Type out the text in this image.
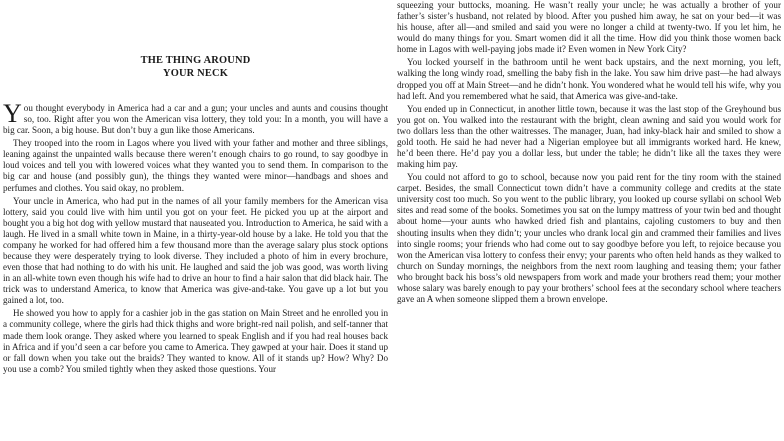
THE THING AROUND
YOUR NECK

You thought everybody in America had a car and a gun; your uncles and aunts and cousins thought so, too. Right after you won the American visa lottery, they told you: In a month, you will have a big car. Soon, a big house. But don’t buy a gun like those Americans.

They trooped into the room in Lagos where you lived with your father and mother and three siblings, leaning against the unpainted walls because there weren’t enough chairs to go round, to say goodbye in loud voices and tell you with lowered voices what they wanted you to send them. In comparison to the big car and house (and possibly gun), the things they wanted were minor—handbags and shoes and perfumes and clothes. You said okay, no problem.

Your uncle in America, who had put in the names of all your family members for the American visa lottery, said you could live with him until you got on your feet. He picked you up at the airport and bought you a big hot dog with yellow mustard that nauseated you. Introduction to America, he said with a laugh. He lived in a small white town in Maine, in a thirty-year-old house by a lake. He told you that the company he worked for had offered him a few thousand more than the average salary plus stock options because they were desperately trying to look diverse. They included a photo of him in every brochure, even those that had nothing to do with his unit. He laughed and said the job was good, was worth living in an all-white town even though his wife had to drive an hour to find a hair salon that did black hair. The trick was to understand America, to know that America was give-and-take. You gave up a lot but you gained a lot, too.

He showed you how to apply for a cashier job in the gas station on Main Street and he enrolled you in a community college, where the girls had thick thighs and wore bright-red nail polish, and self-tanner that made them look orange. They asked where you learned to speak English and if you had real houses back in Africa and if you’d seen a car before you came to America. They gawped at your hair. Does it stand up or fall down when you take out the braids? They wanted to know. All of it stands up? How? Why? Do you use a comb? You smiled tightly when they asked those questions. Your

squeezing your buttocks, moaning. He wasn’t really your uncle; he was actually a brother of your father’s sister’s husband, not related by blood. After you pushed him away, he sat on your bed—it was his house, after all—and smiled and said you were no longer a child at twenty-two. If you let him, he would do many things for you. Smart women did it all the time. How did you think those women back home in Lagos with well-paying jobs made it? Even women in New York City?

You locked yourself in the bathroom until he went back upstairs, and the next morning, you left, walking the long windy road, smelling the baby fish in the lake. You saw him drive past—he had always dropped you off at Main Street—and he didn’t honk. You wondered what he would tell his wife, why you had left. And you remembered what he said, that America was give-and-take.

You ended up in Connecticut, in another little town, because it was the last stop of the Greyhound bus you got on. You walked into the restaurant with the bright, clean awning and said you would work for two dollars less than the other waitresses. The manager, Juan, had inky-black hair and smiled to show a gold tooth. He said he had never had a Nigerian employee but all immigrants worked hard. He knew, he’d been there. He’d pay you a dollar less, but under the table; he didn’t like all the taxes they were making him pay.

You could not afford to go to school, because now you paid rent for the tiny room with the stained carpet. Besides, the small Connecticut town didn’t have a community college and credits at the state university cost too much. So you went to the public library, you looked up course syllabi on school Web sites and read some of the books. Sometimes you sat on the lumpy mattress of your twin bed and thought about home—your aunts who hawked dried fish and plantains, cajoling customers to buy and then shouting insults when they didn’t; your uncles who drank local gin and crammed their families and lives into single rooms; your friends who had come out to say goodbye before you left, to rejoice because you won the American visa lottery to confess their envy; your parents who often held hands as they walked to church on Sunday mornings, the neighbors from the next room laughing and teasing them; your father who brought back his boss’s old newspapers from work and made your brothers read them; your mother whose salary was barely enough to pay your brothers’ school fees at the secondary school where teachers gave an A when someone slipped them a brown envelope.
